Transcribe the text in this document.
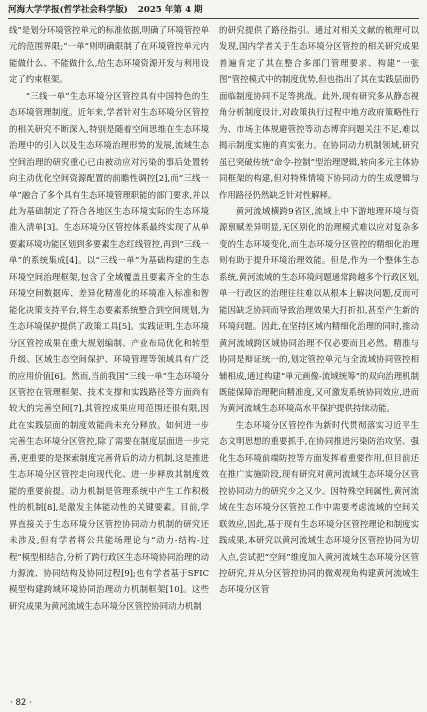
河海大学学报(哲学社会科学版) 2025 年第 4 期

线”是划分环境管控单元的标准依据,明确了环境管控单元的范围界限;“一单”则明确限制了在环境管控单元内能做什么、不能做什么,给生态环境资源开发与利用设定了约束框架。

“三线一单”生态环境分区管控具有中国特色的生态环境管理制度。近年来,学者针对生态环境分区管控的相关研究不断深入,特别是随着空间思维在生态环境治理中的引入以及生态环境治理形势的发展,流域生态空间治理的研究重心已由被动应对污染的事后处置转向主动优化空间资源配置的前瞻性调控[2],而“三线一单”融合了多个具有生态环境管理职能的部门要求,并以此为基础制定了符合各地区生态环境实际的生态环境准入清单[3]。生态环境分区管控体系最终实现了从单要素环境功能区划到多要素生态红线管控,再到“三线一单”的系统集成[4]。以“三线一单”为基础构建的生态环境空间治理框架,包含了全域覆盖且要素齐全的生态环境空间数据库、差异化精准化的环境准入标准和智能化决策支持平台,将生态要素系统整合到空间规划,为生态环境保护提供了政策工具[5]。实践证明,生态环境分区管控成果在重大规划编制、产业布局优化和转型升级、区域生态空间保护、环境管理等领域具有广泛的应用价值[6]。然而,当前我国“三线一单”生态环境分区管控在管理框架、技术支撑和实践路径等方面尚有较大的完善空间[7],其管控成果应用范围还很有限,因此在实践层面的制度效能尚未充分释放。如何进一步完善生态环境分区管控,除了需要在制度层面进一步完善,更重要的是探索制度完善背后的动力机制,这是推进生态环境分区管控走向现代化、进一步释放其制度效能的重要前提。动力机制是管理系统中产生工作积极性的机制[8],是激发主体能动性的关键要素。目前,学界直接关于生态环境分区管控协同动力机制的研究还未涉及,但有学者将公共能场理论与“动力-结构-过程”模型相结合,分析了跨行政区生态环境协同治理的动力源流、协同结构及协同过程[9];也有学者基于SFIC模型构建跨域环境协同治理动力机制框架[10]。这些研究成果为黄河流域生态环境分区管控协同动力机制

的研究提供了路径指引。通过对相关文献的梳理可以发现,国内学者关于生态环境分区管控的相关研究成果普遍肯定了其在整合多部门管理要求、构建“一张图”管控模式中的制度优势,但也指出了其在实践层面仍面临制度协同不足等挑战。此外,现有研究多从静态视角分析制度设计,对政策执行过程中地方政府策略性行为、市场主体规避管控等动态博弈问题关注不足,难以揭示制度实施的真实张力。在协同动力机制领域,研究虽已突破传统“命令-控制”型治理逻辑,转向多元主体协同框架的构建,但对特殊情境下协同动力的生成逻辑与作用路径仍然缺乏针对性解释。

黄河流域横跨9省区,流域上中下游地理环境与资源禀赋差异明显,无区别化的治理模式难以应对复杂多变的生态环境变化,而生态环境分区管控的精细化治理则有助于提升环境治理效能。但是,作为一个整体生态系统,黄河流域的生态环境问题通常跨越多个行政区划,单一行政区的治理往往难以从根本上解决问题,反而可能因缺乏协同而导致治理效果大打折扣,甚至产生新的环境问题。因此,在坚持区域内精细化治理的同时,推动黄河流域跨区域协同治理不仅必要而且必然。精准与协同是辩证统一的,划定管控单元与全流域协同管控相辅相成,通过构建“单元画像-流域统筹”的双向治理机制既能保障治理靶向精准度,又可激发系统协同效应,进而为黄河流域生态环境高水平保护提供持续动能。

生态环境分区管控作为新时代贯彻落实习近平生态文明思想的重要抓手,在协同推进污染防治攻坚、强化生态环境前端防控等方面发挥着重要作用,但目前还在推广实施阶段,现有研究对黄河流域生态环境分区管控协同动力的研究少之又少。因特殊空间属性,黄河流域在生态环境分区管控工作中需要考虑流域的空间关联效应,因此,基于现有生态环境分区管控理论和制度实践成果,本研究以黄河流域生态环境分区管控协同为切入点,尝试把“空间”维度加入黄河流域生态环境分区管控研究,并从分区管控协同的微观视角构建黄河流域生态环境分区管

· 82 ·
